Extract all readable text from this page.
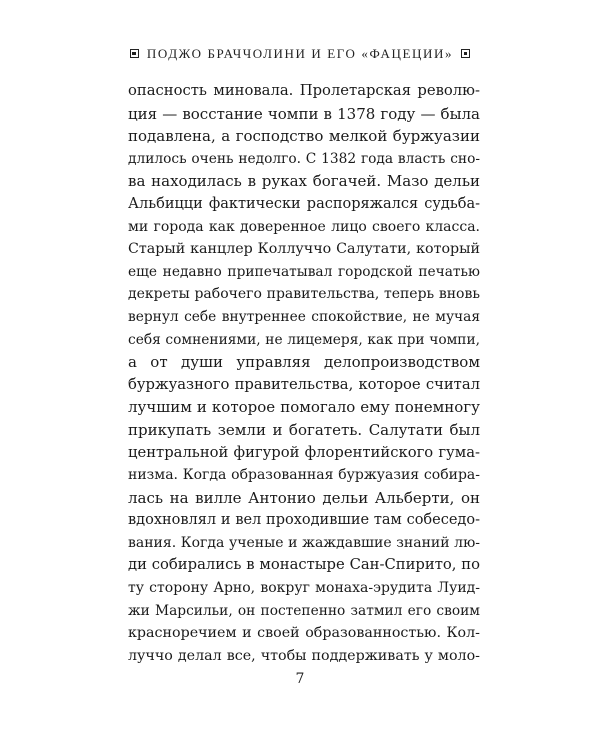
ПОДЖО БРАЧЧОЛИНИ И ЕГО «ФАЦЕЦИИ»
опасность миновала. Пролетарская револю-
ция — восстание чомпи в 1378 году — была
подавлена, а господство мелкой буржуазии
длилось очень недолго. С 1382 года власть сно-
ва находилась в руках богачей. Мазо дельи
Альбицци фактически распоряжался судьба-
ми города как доверенное лицо своего класса.
Старый канцлер Коллуччо Салутати, который
еще недавно припечатывал городской печатью
декреты рабочего правительства, теперь вновь
вернул себе внутреннее спокойствие, не мучая
себя сомнениями, не лицемеря, как при чомпи,
а от души управляя делопроизводством
буржуазного правительства, которое считал
лучшим и которое помогало ему понемногу
прикупать земли и богатеть. Салутати был
центральной фигурой флорентийского гума-
низма. Когда образованная буржуазия собира-
лась на вилле Антонио дельи Альберти, он
вдохновлял и вел проходившие там собеседо-
вания. Когда ученые и жаждавшие знаний лю-
ди собирались в монастыре Сан-Спирито, по
ту сторону Арно, вокруг монаха-эрудита Луид-
жи Марсильи, он постепенно затмил его своим
красноречием и своей образованностью. Кол-
луччо делал все, чтобы поддерживать у моло-
7
